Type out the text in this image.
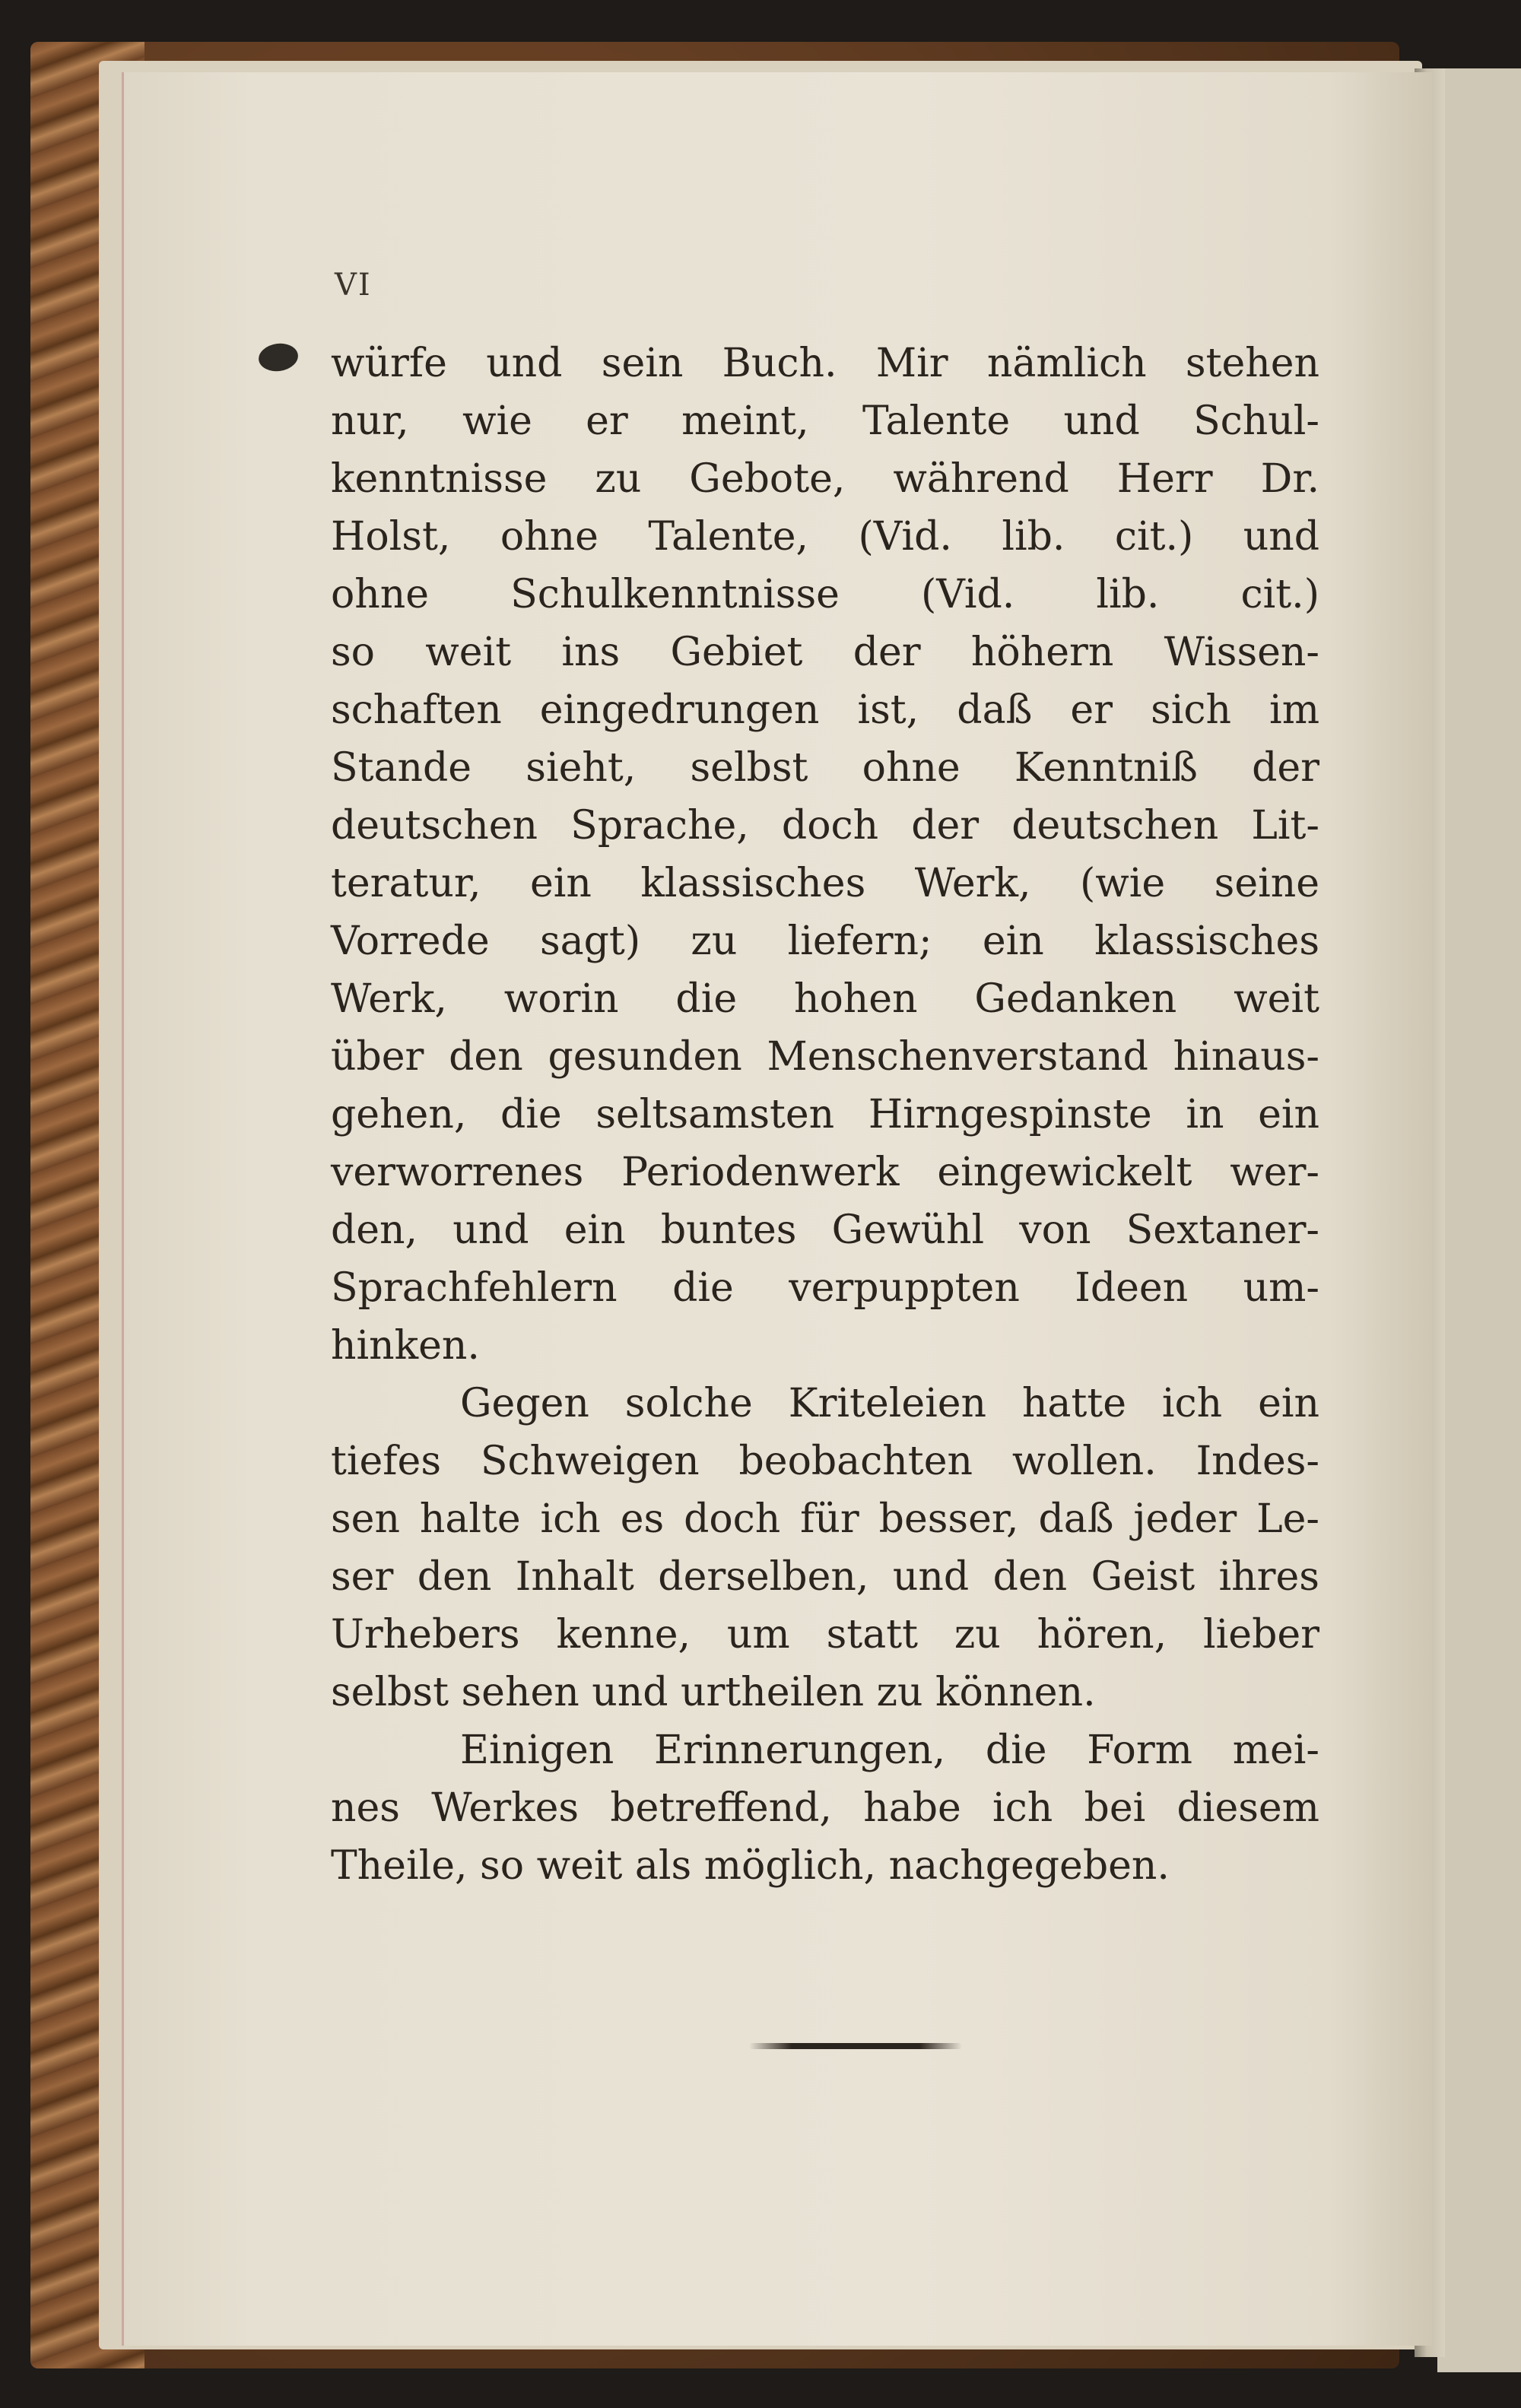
VI
würfe und sein Buch. Mir nämlich stehen
nur, wie er meint, Talente und Schul-
kenntnisse zu Gebote, während Herr Dr.
Holst, ohne Talente, (Vid. lib. cit.) und
ohne Schulkenntnisse (Vid. lib. cit.)
so weit ins Gebiet der höhern Wissen-
schaften eingedrungen ist, daß er sich im
Stande sieht, selbst ohne Kenntniß der
deutschen Sprache, doch der deutschen Lit-
teratur, ein klassisches Werk, (wie seine
Vorrede sagt) zu liefern; ein klassisches
Werk, worin die hohen Gedanken weit
über den gesunden Menschenverstand hinaus-
gehen, die seltsamsten Hirngespinste in ein
verworrenes Periodenwerk eingewickelt wer-
den, und ein buntes Gewühl von Sextaner-
Sprachfehlern die verpuppten Ideen um-
hinken.
Gegen solche Kriteleien hatte ich ein
tiefes Schweigen beobachten wollen. Indes-
sen halte ich es doch für besser, daß jeder Le-
ser den Inhalt derselben, und den Geist ihres
Urhebers kenne, um statt zu hören, lieber
selbst sehen und urtheilen zu können.
Einigen Erinnerungen, die Form mei-
nes Werkes betreffend, habe ich bei diesem
Theile, so weit als möglich, nachgegeben.
